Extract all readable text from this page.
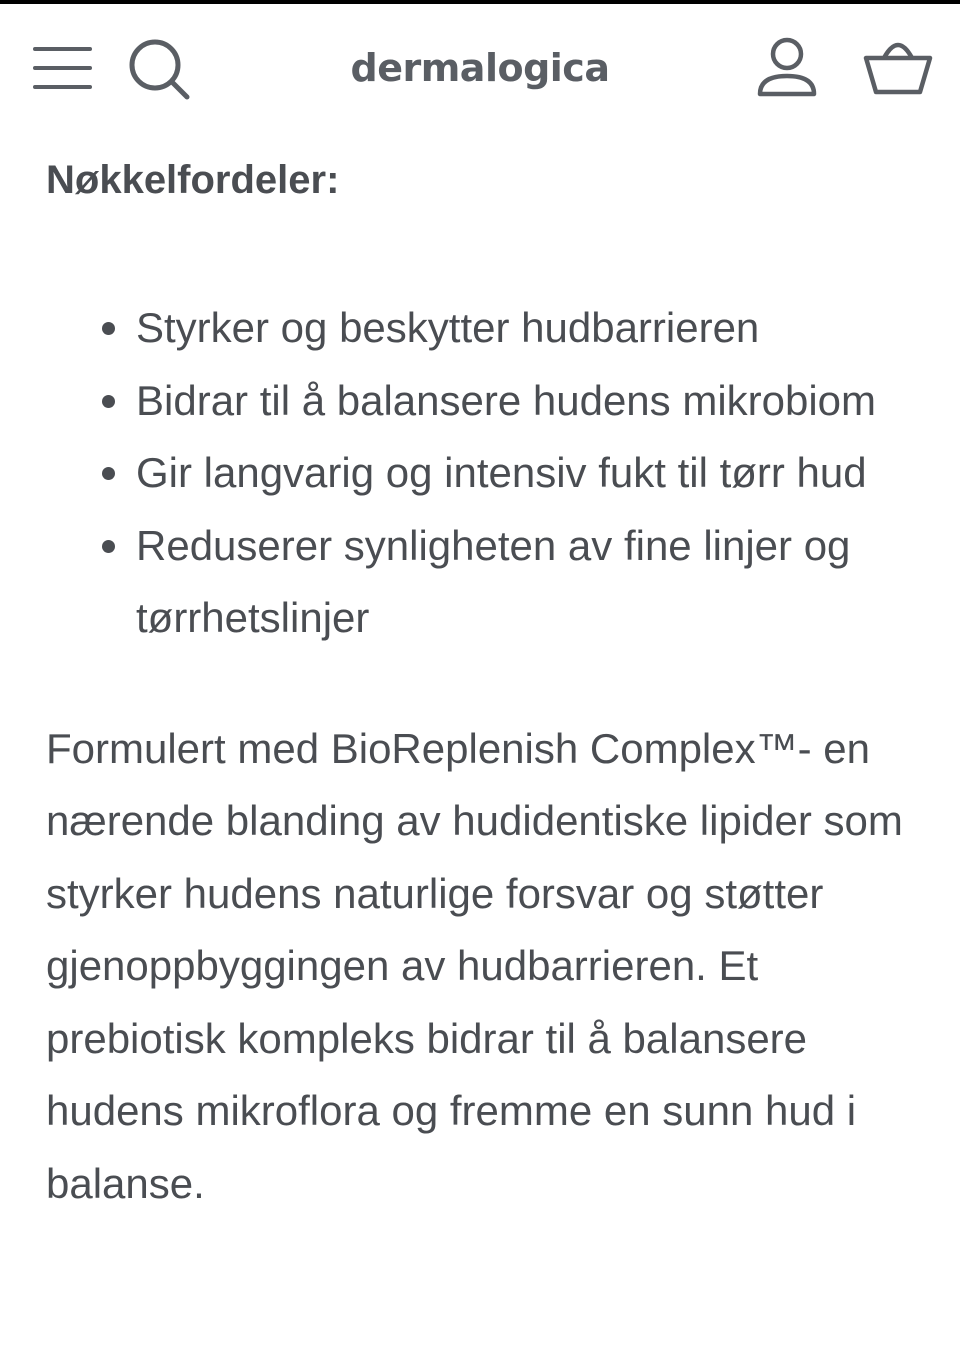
dermalogica
Nøkkelfordeler:
Styrker og beskytter hudbarrieren
Bidrar til å balansere hudens mikrobiom
Gir langvarig og intensiv fukt til tørr hud
Reduserer synligheten av fine linjer og tørrhetslinjer

Formulert med BioReplenish Complex™- en nærende blanding av hudidentiske lipider som styrker hudens naturlige forsvar og støtter gjenoppbyggingen av hudbarrieren. Et prebiotisk kompleks bidrar til å balansere hudens mikroflora og fremme en sunn hud i balanse.
